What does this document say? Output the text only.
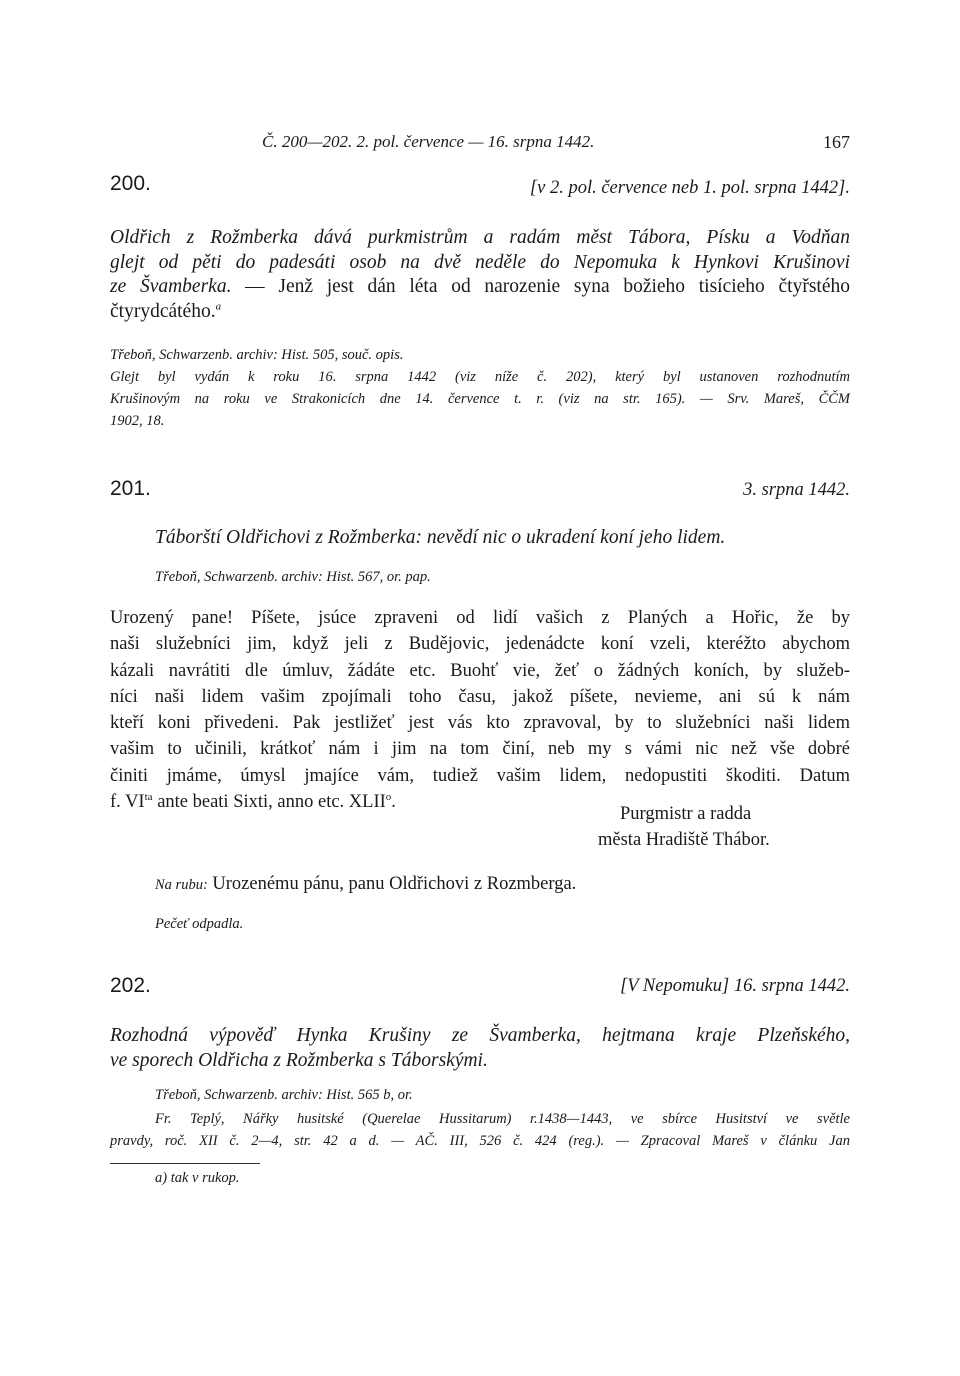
Č. 200—202. 2. pol. července — 16. srpna 1442.	167
200.	[v 2. pol. července neb 1. pol. srpna 1442].
Oldřich z Rožmberka dává purkmistrům a radám měst Tábora, Písku a Vodňan
glejt od pěti do padesáti osob na dvě neděle do Nepomuka k Hynkovi Krušinovi
ze Švamberka. — Jenž jest dán léta od narozenie syna božieho tisícieho čtyřstého
čtyrydcátého.$^a$
Třeboň, Schwarzenb. archiv: Hist. 505, souč. opis.
Glejt byl vydán k roku 16. srpna 1442 (viz níže č. 202), který byl ustanoven rozhodnutím
Krušinovým na roku ve Strakonicích dne 14. července t. r. (viz na str. 165). — Srv. Mareš, ČČM
1902, 18.
201.	3. srpna 1442.
Táborští Oldřichovi z Rožmberka: nevědí nic o ukradení koní jeho lidem.
Třeboň, Schwarzenb. archiv: Hist. 567, or. pap.
Urozený pane! Píšete, jsúce zpraveni od lidí vašich z Planých a Hořic, že by
naši služebníci jim, když jeli z Budějovic, jedenádcte koní vzeli, kteréžto abychom
kázali navrátiti dle úmluv, žádáte etc. Buohť vie, žeť o žádných koních, by služeb-
níci naši lidem vašim zpojímali toho času, jakož píšete, nevieme, ani sú k nám
kteří koni přivedeni. Pak jestližeť jest vás kto zpravoval, by to služebníci naši lidem
vašim to učinili, krátkoť nám i jim na tom činí, neb my s vámi nic než vše dobré
činiti jmáme, úmysl jmajíce vám, tudiež vašim lidem, nedopustiti škoditi. Datum
f. $VI^{ta}$ ante beati Sixti, anno etc. XLII$^o$.
Purgmistr a radda
města Hradiště Thábor.
Na rubu: Urozenému pánu, panu Oldřichovi z Rozmberga.
Pečeť odpadla.
202.	[V Nepomuku] 16. srpna 1442.
Rozhodná výpověď Hynka Krušiny ze Švamberka, hejtmana kraje Plzeňského,
ve sporech Oldřicha z Rožmberka s Táborskými.
Třeboň, Schwarzenb. archiv: Hist. 565 b, or.
Fr. Teplý, Nářky husitské (Querelae Hussitarum) r.1438—1443, ve sbírce Husitství ve světle
pravdy, roč. XII č. 2—4, str. 42 a d. — AČ. III, 526 č. 424 (reg.). — Zpracoval Mareš v článku Jan
a) tak v rukop.
